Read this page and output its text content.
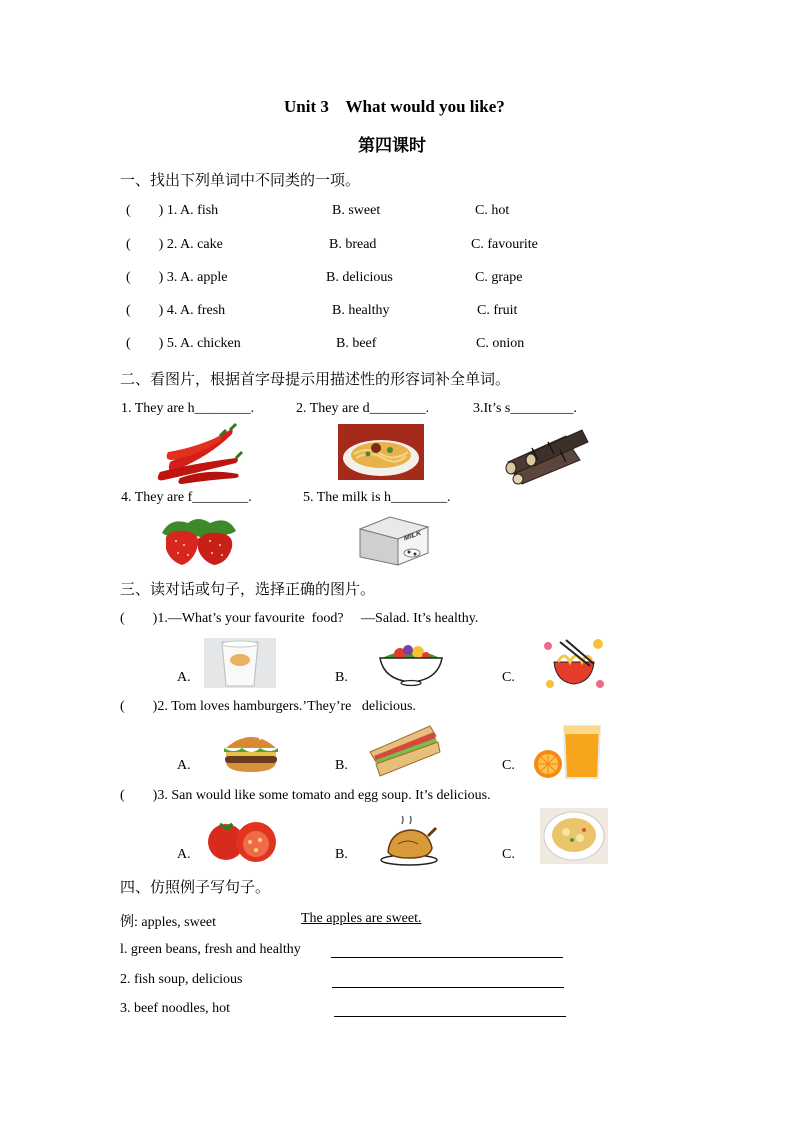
Unit 3    What would you like?
第四课时
一、找出下列单词中不同类的一项。
(        ) 1. A. fish	B. sweet	C. hot
(        ) 2. A. cake	B. bread	C. favourite
(        ) 3. A. apple	B. delicious	C. grape
(        ) 4. A. fresh	B. healthy	C. fruit
(        ) 5. A. chicken	B. beef	C. onion
二、看图片，根据首字母提示用描述性的形容词补全单词。
1. They are h________.	2. They are d________.	3.It’s s_________.
4. They are f________.	5. The milk is h________.
MILK
三、读对话或句子，选择正确的图片。
(        )1.—What’s your favourite  food?     —Salad. It’s healthy.
A.	B.	C.
(        )2. Tom loves hamburgers.’They’re   delicious.
A.	B.	C.
(        )3. San would like some tomato and egg soup. It’s delicious.
A.	B.	C.
四、仿照例子写句子。
例: apples, sweet	The apples are sweet.
l. green beans, fresh and healthy
2. fish soup, delicious
3. beef noodles, hot
